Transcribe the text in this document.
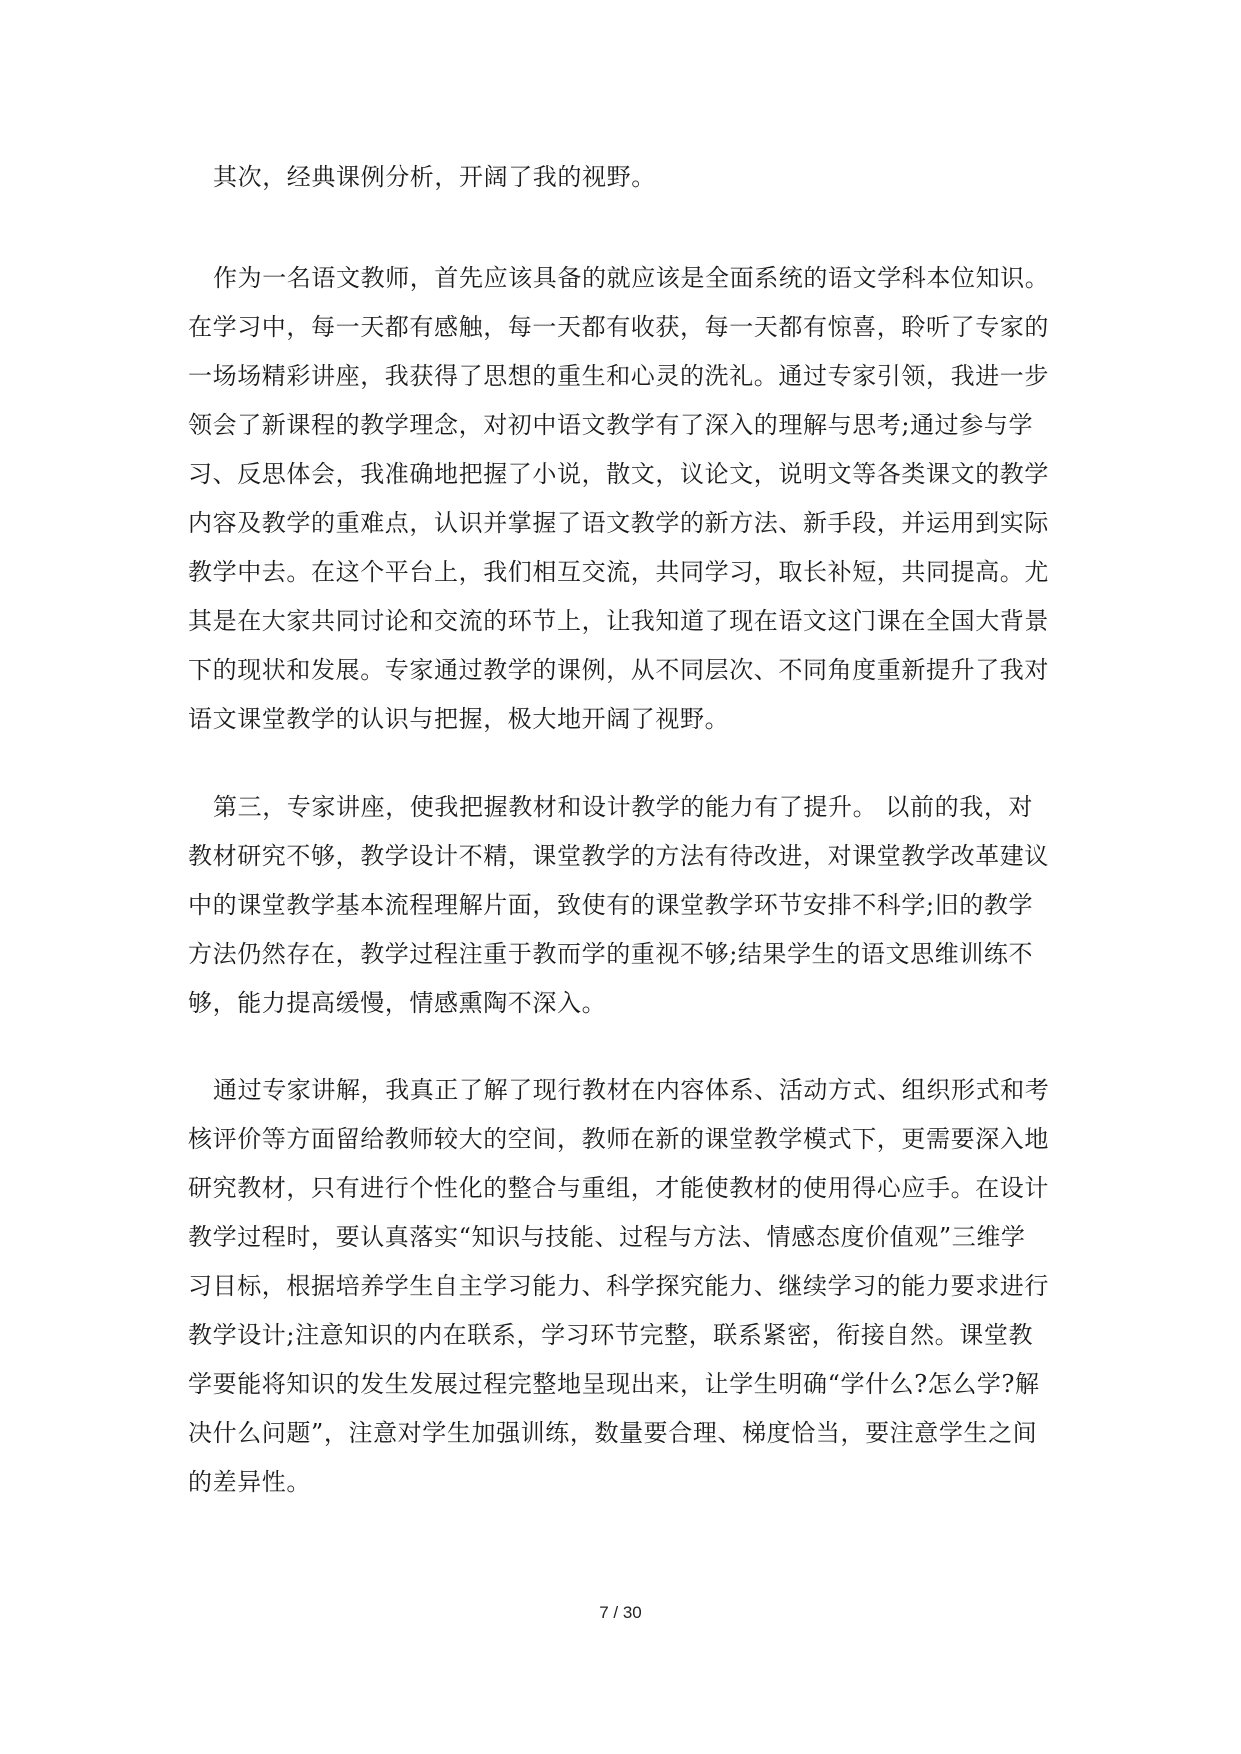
其次，经典课例分析，开阔了我的视野。

作为一名语文教师，首先应该具备的就应该是全面系统的语文学科本位知识。
在学习中，每一天都有感触，每一天都有收获，每一天都有惊喜，聆听了专家的
一场场精彩讲座，我获得了思想的重生和心灵的洗礼。通过专家引领，我进一步
领会了新课程的教学理念，对初中语文教学有了深入的理解与思考;通过参与学
习、反思体会，我准确地把握了小说，散文，议论文，说明文等各类课文的教学
内容及教学的重难点，认识并掌握了语文教学的新方法、新手段，并运用到实际
教学中去。在这个平台上，我们相互交流，共同学习，取长补短，共同提高。尤
其是在大家共同讨论和交流的环节上，让我知道了现在语文这门课在全国大背景
下的现状和发展。专家通过教学的课例，从不同层次、不同角度重新提升了我对
语文课堂教学的认识与把握，极大地开阔了视野。

第三，专家讲座，使我把握教材和设计教学的能力有了提升。 以前的我，对
教材研究不够，教学设计不精，课堂教学的方法有待改进，对课堂教学改革建议
中的课堂教学基本流程理解片面，致使有的课堂教学环节安排不科学;旧的教学
方法仍然存在，教学过程注重于教而学的重视不够;结果学生的语文思维训练不
够，能力提高缓慢，情感熏陶不深入。

通过专家讲解，我真正了解了现行教材在内容体系、活动方式、组织形式和考
核评价等方面留给教师较大的空间，教师在新的课堂教学模式下，更需要深入地
研究教材，只有进行个性化的整合与重组，才能使教材的使用得心应手。在设计
教学过程时，要认真落实“知识与技能、过程与方法、情感态度价值观”三维学
习目标，根据培养学生自主学习能力、科学探究能力、继续学习的能力要求进行
教学设计;注意知识的内在联系，学习环节完整，联系紧密，衔接自然。课堂教
学要能将知识的发生发展过程完整地呈现出来，让学生明确“学什么?怎么学?解
决什么问题”，注意对学生加强训练，数量要合理、梯度恰当，要注意学生之间
的差异性。

7 / 30
